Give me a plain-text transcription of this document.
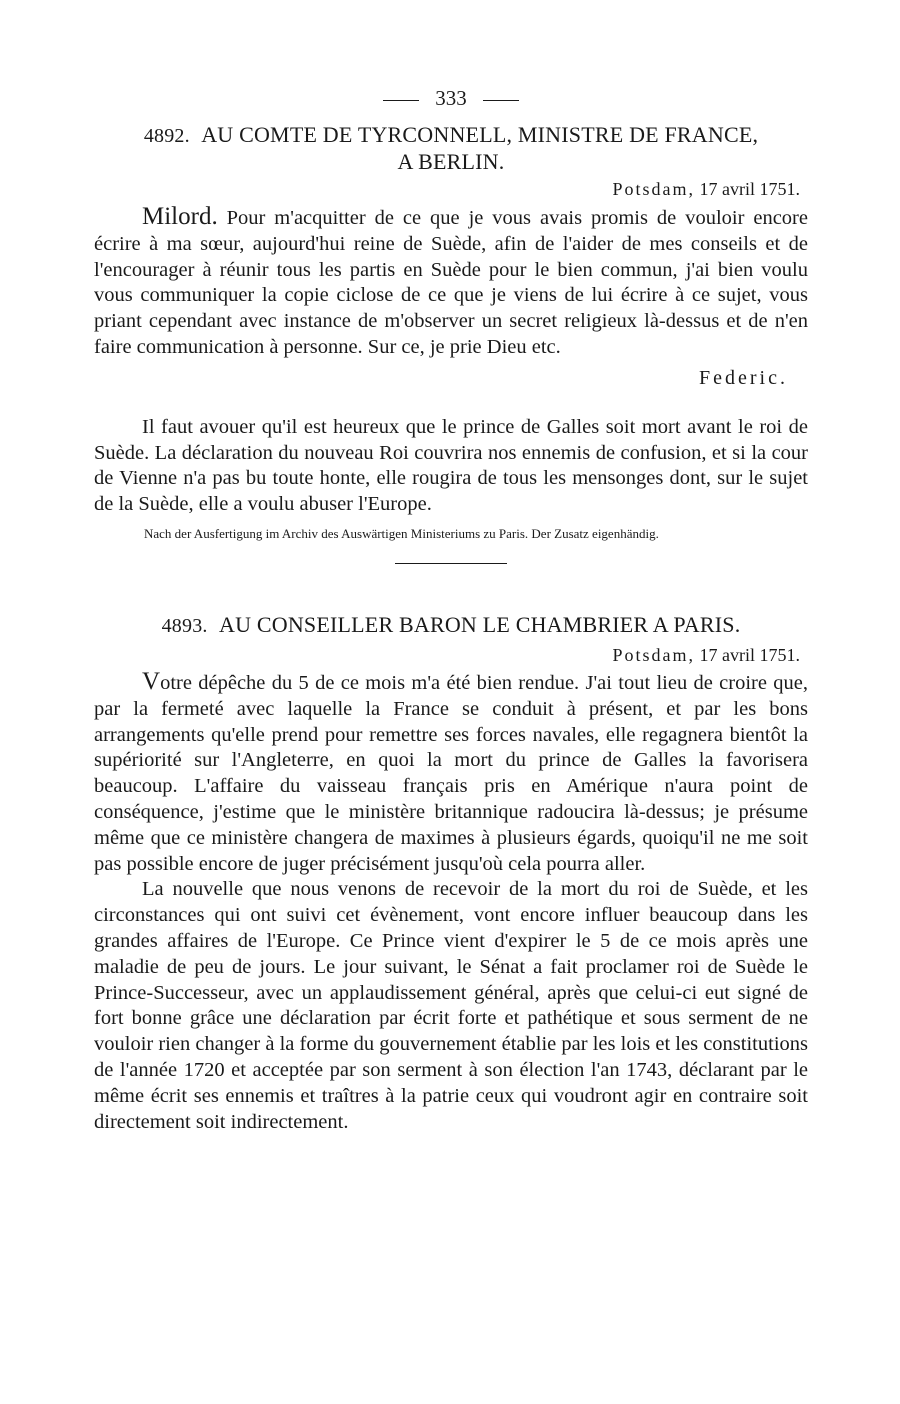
333
4892. AU COMTE DE TYRCONNELL, MINISTRE DE FRANCE,
A BERLIN.
Potsdam, 17 avril 1751.

Milord. Pour m'acquitter de ce que je vous avais promis de vouloir encore écrire à ma sœur, aujourd'hui reine de Suède, afin de l'aider de mes conseils et de l'encourager à réunir tous les partis en Suède pour le bien commun, j'ai bien voulu vous communiquer la copie ciclose de ce que je viens de lui écrire à ce sujet, vous priant cependant avec instance de m'observer un secret religieux là-dessus et de n'en faire communication à personne. Sur ce, je prie Dieu etc.

Federic.

Il faut avouer qu'il est heureux que le prince de Galles soit mort avant le roi de Suède. La déclaration du nouveau Roi couvrira nos ennemis de confusion, et si la cour de Vienne n'a pas bu toute honte, elle rougira de tous les mensonges dont, sur le sujet de la Suède, elle a voulu abuser l'Europe.

Nach der Ausfertigung im Archiv des Auswärtigen Ministeriums zu Paris. Der Zusatz eigenhändig.

4893. AU CONSEILLER BARON LE CHAMBRIER A PARIS.
Potsdam, 17 avril 1751.

Votre dépêche du 5 de ce mois m'a été bien rendue. J'ai tout lieu de croire que, par la fermeté avec laquelle la France se conduit à présent, et par les bons arrangements qu'elle prend pour remettre ses forces navales, elle regagnera bientôt la supériorité sur l'Angleterre, en quoi la mort du prince de Galles la favorisera beaucoup. L'affaire du vaisseau français pris en Amérique n'aura point de conséquence, j'estime que le ministère britannique radoucira là-dessus; je présume même que ce ministère changera de maximes à plusieurs égards, quoiqu'il ne me soit pas possible encore de juger précisément jusqu'où cela pourra aller.

La nouvelle que nous venons de recevoir de la mort du roi de Suède, et les circonstances qui ont suivi cet évènement, vont encore influer beaucoup dans les grandes affaires de l'Europe. Ce Prince vient d'expirer le 5 de ce mois après une maladie de peu de jours. Le jour suivant, le Sénat a fait proclamer roi de Suède le Prince-Successeur, avec un applaudissement général, après que celui-ci eut signé de fort bonne grâce une déclaration par écrit forte et pathétique et sous serment de ne vouloir rien changer à la forme du gouvernement établie par les lois et les constitutions de l'année 1720 et acceptée par son serment à son élection l'an 1743, déclarant par le même écrit ses ennemis et traîtres à la patrie ceux qui voudront agir en contraire soit directement soit indirectement.
